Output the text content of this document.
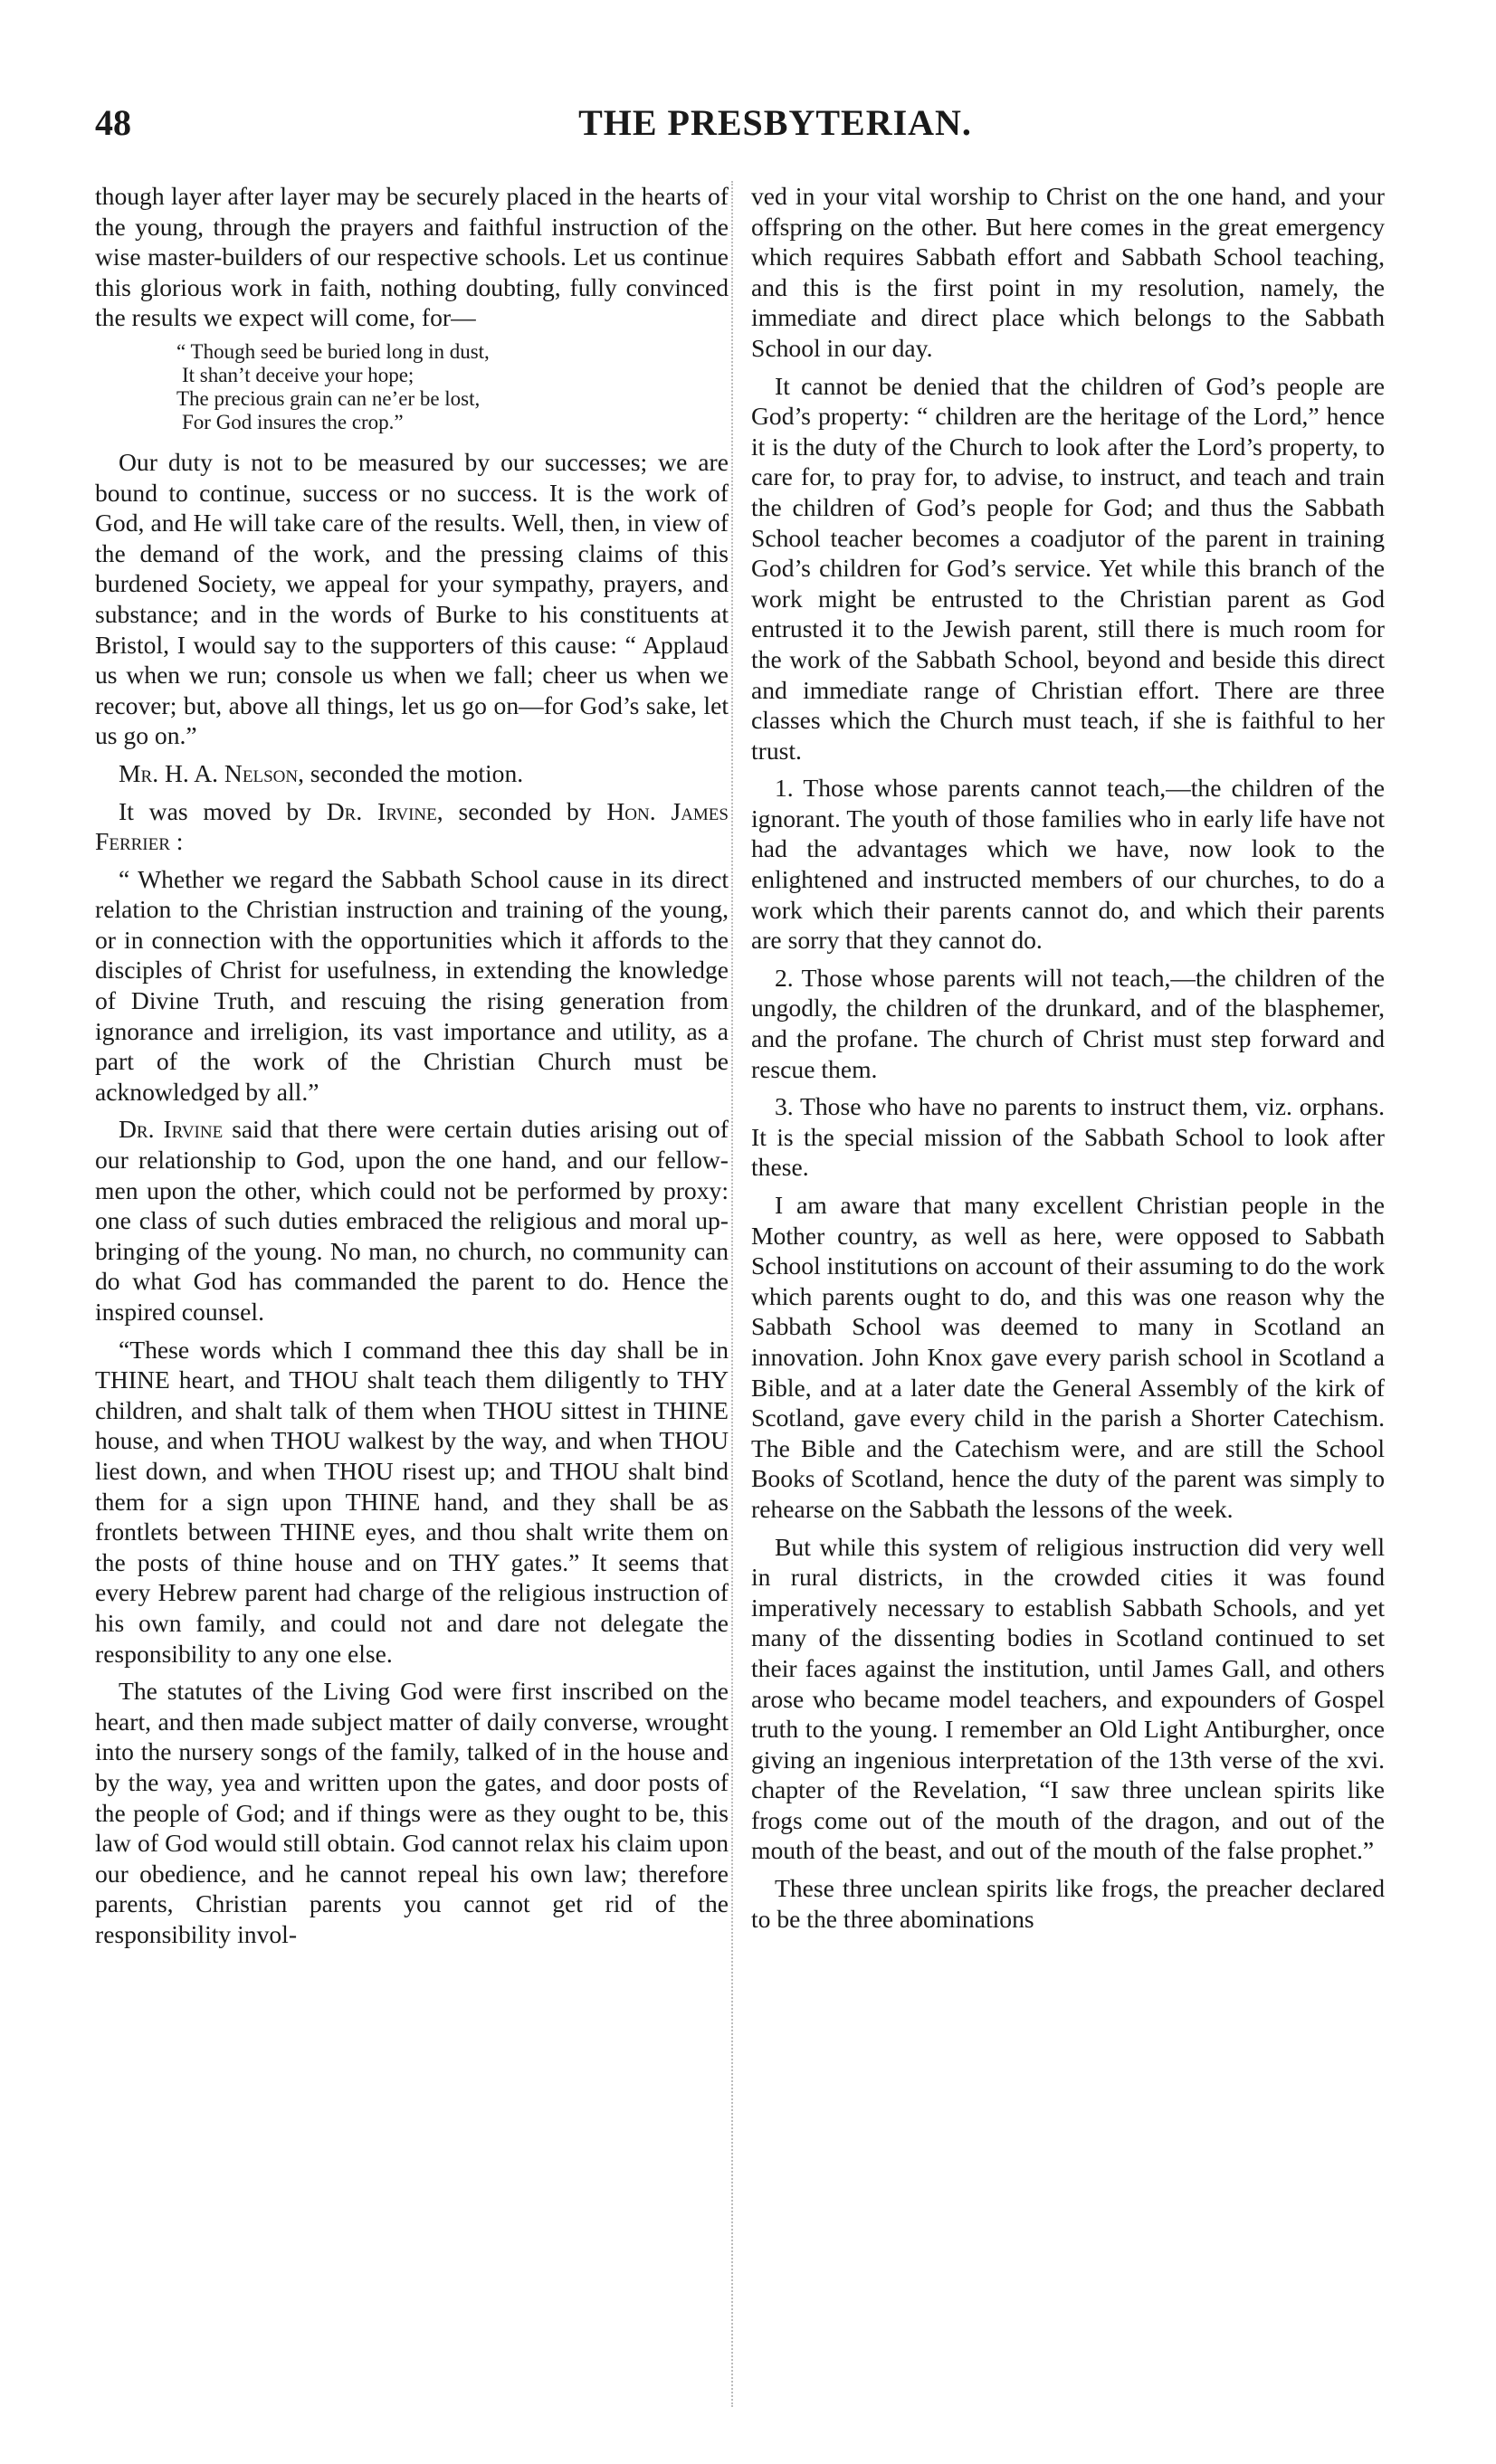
48	THE PRESBYTERIAN.

though layer after layer may be securely placed in the hearts of the young, through the prayers and faithful instruction of the wise master-builders of our respective schools. Let us continue this glorious work in faith, nothing doubting, fully convinced the results we expect will come, for—

“ Though seed be buried long in dust,
It shan’t deceive your hope;
The precious grain can ne’er be lost,
For God insures the crop.”

Our duty is not to be measured by our successes; we are bound to continue, success or no success. It is the work of God, and He will take care of the results. Well, then, in view of the demand of the work, and the pressing claims of this burdened Society, we appeal for your sympathy, prayers, and substance; and in the words of Burke to his constituents at Bristol, I would say to the supporters of this cause: “ Applaud us when we run; console us when we fall; cheer us when we recover; but, above all things, let us go on—for God’s sake, let us go on.”

Mr. H. A. Nelson, seconded the motion.

It was moved by Dr. Irvine, seconded by Hon. James Ferrier :

“ Whether we regard the Sabbath School cause in its direct relation to the Christian instruction and training of the young, or in connection with the opportunities which it affords to the disciples of Christ for usefulness, in extending the knowledge of Divine Truth, and rescuing the rising generation from ignorance and irreligion, its vast importance and utility, as a part of the work of the Christian Church must be acknowledged by all.”

Dr. Irvine said that there were certain duties arising out of our relationship to God, upon the one hand, and our fellow-men upon the other, which could not be performed by proxy: one class of such duties embraced the religious and moral up-bringing of the young. No man, no church, no community can do what God has commanded the parent to do. Hence the inspired counsel.

“These words which I command thee this day shall be in THINE heart, and THOU shalt teach them diligently to THY children, and shalt talk of them when THOU sittest in THINE house, and when THOU walkest by the way, and when THOU liest down, and when THOU risest up; and THOU shalt bind them for a sign upon THINE hand, and they shall be as frontlets between THINE eyes, and thou shalt write them on the posts of thine house and on THY gates.” It seems that every Hebrew parent had charge of the religious instruction of his own family, and could not and dare not delegate the responsibility to any one else.

The statutes of the Living God were first inscribed on the heart, and then made subject matter of daily converse, wrought into the nursery songs of the family, talked of in the house and by the way, yea and written upon the gates, and door posts of the people of God; and if things were as they ought to be, this law of God would still obtain. God cannot relax his claim upon our obedience, and he cannot repeal his own law; therefore parents, Christian parents you cannot get rid of the responsibility invol-

ved in your vital worship to Christ on the one hand, and your offspring on the other. But here comes in the great emergency which requires Sabbath effort and Sabbath School teaching, and this is the first point in my resolution, namely, the immediate and direct place which belongs to the Sabbath School in our day.

It cannot be denied that the children of God’s people are God’s property: “ children are the heritage of the Lord,” hence it is the duty of the Church to look after the Lord’s property, to care for, to pray for, to advise, to instruct, and teach and train the children of God’s people for God; and thus the Sabbath School teacher becomes a coadjutor of the parent in training God’s children for God’s service. Yet while this branch of the work might be entrusted to the Christian parent as God entrusted it to the Jewish parent, still there is much room for the work of the Sabbath School, beyond and beside this direct and immediate range of Christian effort. There are three classes which the Church must teach, if she is faithful to her trust.

1. Those whose parents cannot teach,—the children of the ignorant. The youth of those families who in early life have not had the advantages which we have, now look to the enlightened and instructed members of our churches, to do a work which their parents cannot do, and which their parents are sorry that they cannot do.

2. Those whose parents will not teach,—the children of the ungodly, the children of the drunkard, and of the blasphemer, and the profane. The church of Christ must step forward and rescue them.

3. Those who have no parents to instruct them, viz. orphans. It is the special mission of the Sabbath School to look after these.

I am aware that many excellent Christian people in the Mother country, as well as here, were opposed to Sabbath School institutions on account of their assuming to do the work which parents ought to do, and this was one reason why the Sabbath School was deemed to many in Scotland an innovation. John Knox gave every parish school in Scotland a Bible, and at a later date the General Assembly of the kirk of Scotland, gave every child in the parish a Shorter Catechism. The Bible and the Catechism were, and are still the School Books of Scotland, hence the duty of the parent was simply to rehearse on the Sabbath the lessons of the week.

But while this system of religious instruction did very well in rural districts, in the crowded cities it was found imperatively necessary to establish Sabbath Schools, and yet many of the dissenting bodies in Scotland continued to set their faces against the institution, until James Gall, and others arose who became model teachers, and expounders of Gospel truth to the young. I remember an Old Light Antiburgher, once giving an ingenious interpretation of the 13th verse of the xvi. chapter of the Revelation, “I saw three unclean spirits like frogs come out of the mouth of the dragon, and out of the mouth of the beast, and out of the mouth of the false prophet.”

These three unclean spirits like frogs, the preacher declared to be the three abominations
